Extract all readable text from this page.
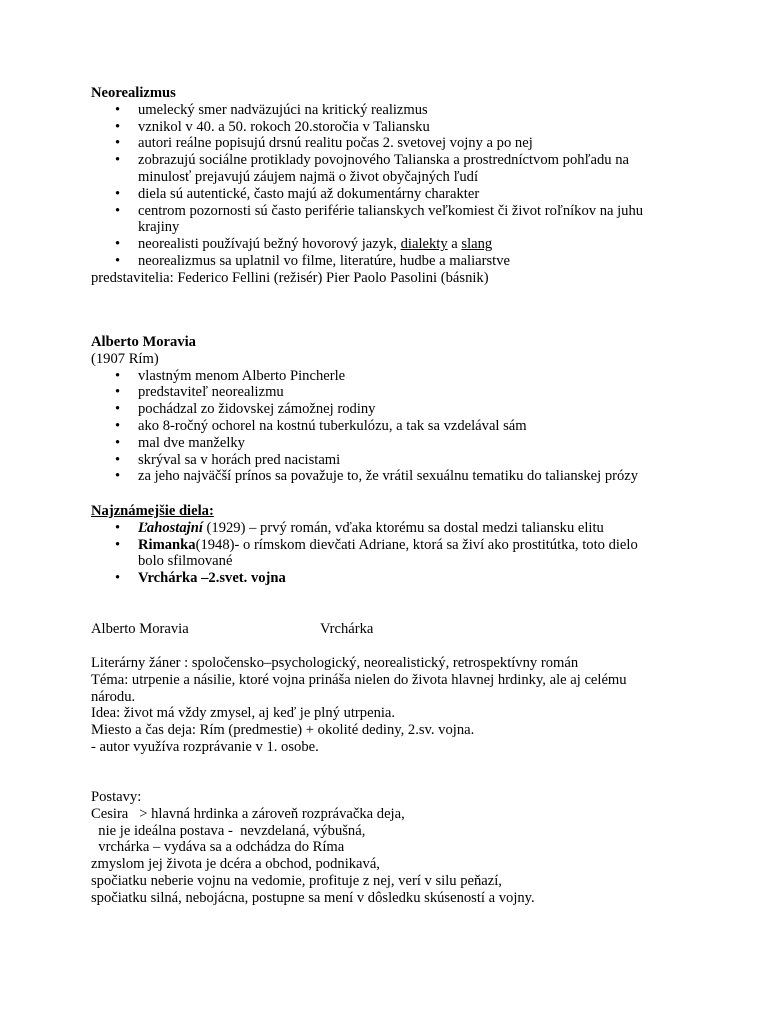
Neorealizmus
• umelecký smer nadväzujúci na kritický realizmus
• vznikol v 40. a 50. rokoch 20.storočia v Taliansku
• autori reálne popisujú drsnú realitu počas 2. svetovej vojny a po nej
• zobrazujú sociálne protiklady povojnového Talianska a prostredníctvom pohľadu na minulosť prejavujú záujem najmä o život obyčajných ľudí
• diela sú autentické, často majú až dokumentárny charakter
• centrom pozornosti sú často periférie talianskych veľkomiest či život roľníkov na juhu krajiny
• neorealisti používajú bežný hovorový jazyk, dialekty a slang
• neorealizmus sa uplatnil vo filme, literatúre, hudbe a maliarstve
predstavitelia: Federico Fellini (režisér) Pier Paolo Pasolini (básnik)
Alberto Moravia
(1907 Rím)
• vlastným menom Alberto Pincherle
• predstaviteľ neorealizmu
• pochádzal zo židovskej zámožnej rodiny
• ako 8-ročný ochorel na kostnú tuberkulózu, a tak sa vzdelával sám
• mal dve manželky
• skrýval sa v horách pred nacistami
• za jeho najväčší prínos sa považuje to, že vrátil sexuálnu tematiku do talianskej prózy
Najznámejšie diela:
• Ľahostajní (1929) – prvý román, vďaka ktorému sa dostal medzi taliansku elitu
• Rimanka(1948)- o rímskom dievčati Adriane, ktorá sa živí ako prostitútka, toto dielo bolo sfilmované
• Vrchárka –2.svet. vojna
Alberto Moravia	Vrchárka
Literárny žáner : spoločensko–psychologický, neorealistický, retrospektívny román
Téma: utrpenie a násilie, ktoré vojna prináša nielen do života hlavnej hrdinky, ale aj celému
národu.
Idea: život má vždy zmysel, aj keď je plný utrpenia.
Miesto a čas deja: Rím (predmestie) + okolité dediny, 2.sv. vojna.
- autor využíva rozprávanie v 1. osobe.
Postavy:
Cesira   > hlavná hrdinka a zároveň rozprávačka deja,
nie je ideálna postava -  nevzdelaná, výbušná,
vrchárka – vydáva sa a odchádza do Ríma
zmyslom jej života je dcéra a obchod, podnikavá,
spočiatku neberie vojnu na vedomie, profituje z nej, verí v silu peňazí,
spočiatku silná, nebojácna, postupne sa mení v dôsledku skúseností a vojny.
